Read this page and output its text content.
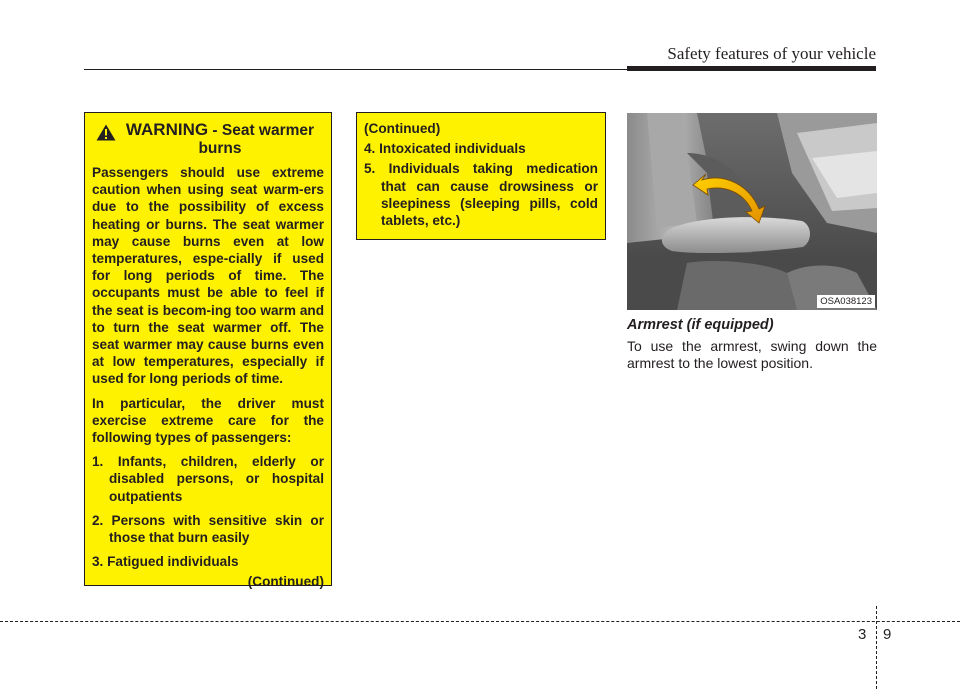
Safety features of your vehicle
WARNING - Seat warmer burns

Passengers should use extreme caution when using seat warm-ers due to the possibility of excess heating or burns. The seat warmer may cause burns even at low temperatures, espe-cially if used for long periods of time. The occupants must be able to feel if the seat is becom-ing too warm and to turn the seat warmer off. The seat warmer may cause burns even at low temperatures, especially if used for long periods of time.

In particular, the driver must exercise extreme care for the following types of passengers:

1. Infants, children, elderly or disabled persons, or hospital outpatients

2. Persons with sensitive skin or those that burn easily

3. Fatigued individuals

(Continued)

(Continued)

4. Intoxicated individuals

5. Individuals taking medication that can cause drowsiness or sleepiness (sleeping pills, cold tablets, etc.)

OSA038123
Armrest (if equipped)
To use the armrest, swing down the armrest to the lowest position.
3 9
